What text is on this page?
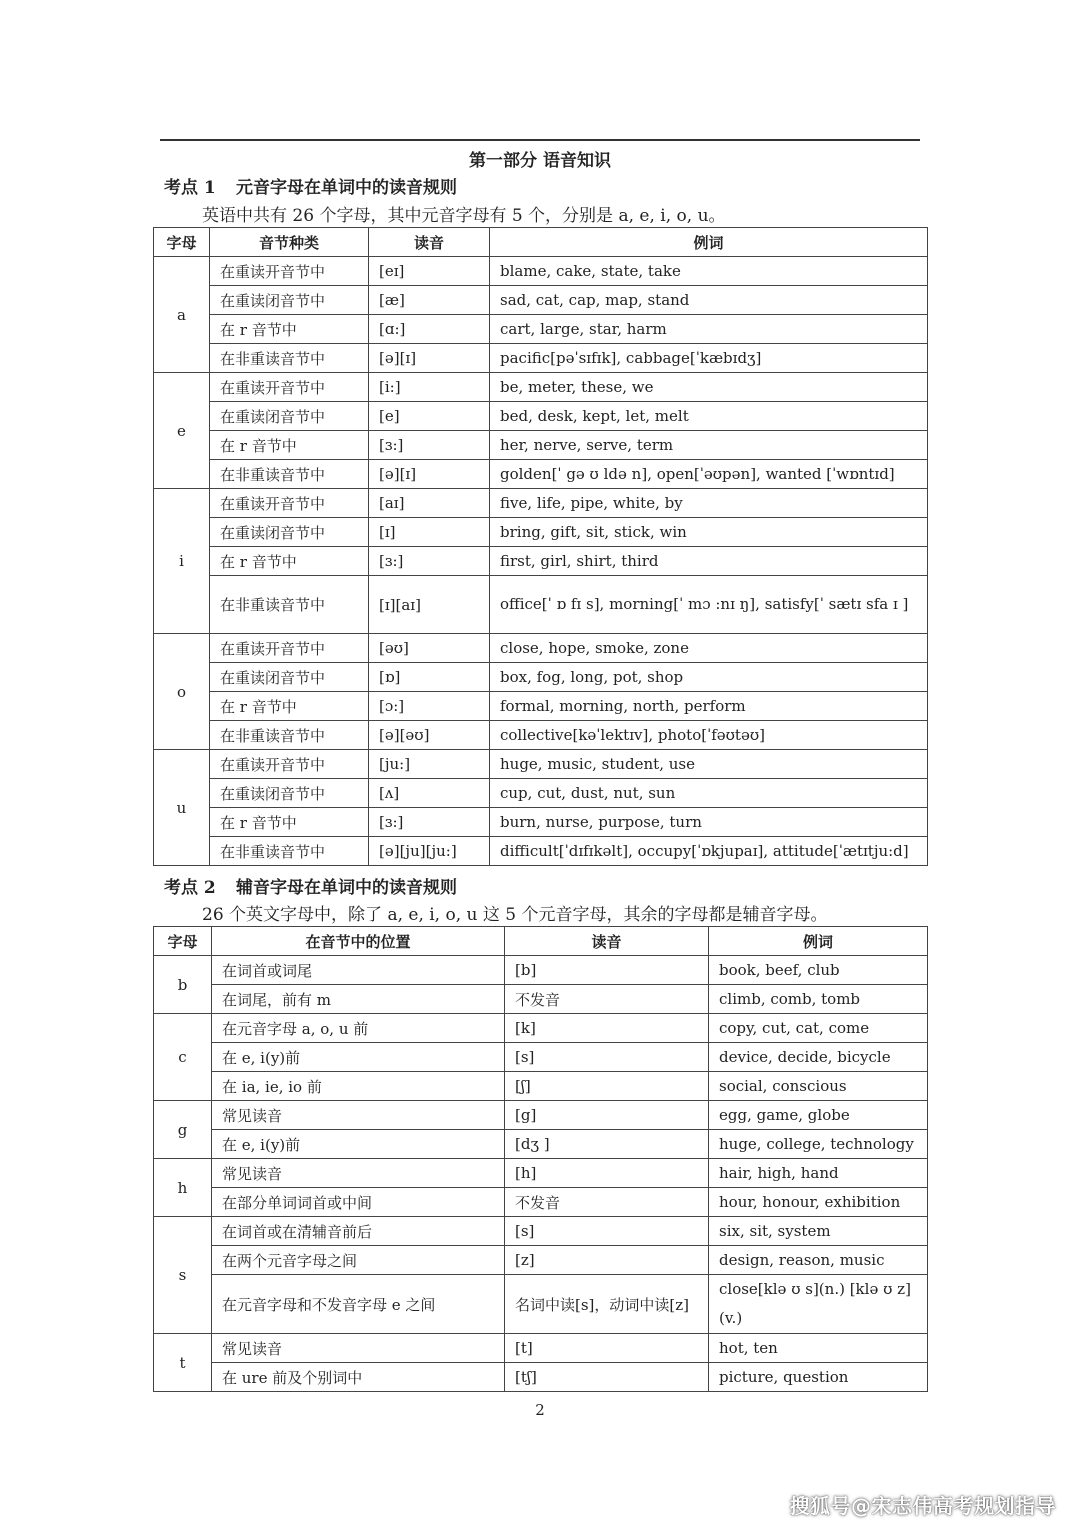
第一部分 语音知识
考点 1 元音字母在单词中的读音规则
英语中共有 26 个字母，其中元音字母有 5 个，分别是 a, e, i, o, u。
字母	音节种类	读音	例词
a	在重读开音节中	[eɪ]	blame, cake, state, take
	在重读闭音节中	[æ]	sad, cat, cap, map, stand
	在 r 音节中	[ɑ:]	cart, large, star, harm
	在非重读音节中	[ə][ɪ]	pacific[pəˈsɪfɪk], cabbage[ˈkæbɪdʒ]
e	在重读开音节中	[i:]	be, meter, these, we
	在重读闭音节中	[e]	bed, desk, kept, let, melt
	在 r 音节中	[ɜ:]	her, nerve, serve, term
	在非重读音节中	[ə][ɪ]	golden[ˈ gə ʊ ldə n], open[ˈəʊpən], wanted [ˈwɒntɪd]
i	在重读开音节中	[aɪ]	five, life, pipe, white, by
	在重读闭音节中	[ɪ]	bring, gift, sit, stick, win
	在 r 音节中	[ɜ:]	first, girl, shirt, third
	在非重读音节中	[ɪ][aɪ]	office[ˈ ɒ fɪ s], morning[ˈ mɔ :nɪ ŋ], satisfy[ˈ sætɪ sfa ɪ ]
o	在重读开音节中	[əʊ]	close, hope, smoke, zone
	在重读闭音节中	[ɒ]	box, fog, long, pot, shop
	在 r 音节中	[ɔ:]	formal, morning, north, perform
	在非重读音节中	[ə][əʊ]	collective[kəˈlektɪv], photo[ˈfəʊtəʊ]
u	在重读开音节中	[ju:]	huge, music, student, use
	在重读闭音节中	[ʌ]	cup, cut, dust, nut, sun
	在 r 音节中	[ɜ:]	burn, nurse, purpose, turn
	在非重读音节中	[ə][ju][ju:]	difficult[ˈdɪfɪkəlt], occupy[ˈɒkjupaɪ], attitude[ˈætɪtju:d]
考点 2 辅音字母在单词中的读音规则
26 个英文字母中，除了 a, e, i, o, u 这 5 个元音字母，其余的字母都是辅音字母。
字母	在音节中的位置	读音	例词
b	在词首或词尾	[b]	book, beef, club
	在词尾，前有 m	不发音	climb, comb, tomb
c	在元音字母 a, o, u 前	[k]	copy, cut, cat, come
	在 e, i(y)前	[s]	device, decide, bicycle
	在 ia, ie, io 前	[ʃ]	social, conscious
g	常见读音	[g]	egg, game, globe
	在 e, i(y)前	[dʒ ]	huge, college, technology
h	常见读音	[h]	hair, high, hand
	在部分单词词首或中间	不发音	hour, honour, exhibition
s	在词首或在清辅音前后	[s]	six, sit, system
	在两个元音字母之间	[z]	design, reason, music
	在元音字母和不发音字母 e 之间	名词中读[s]，动词中读[z]	close[klə ʊ s](n.) [klə ʊ z](v.)
t	常见读音	[t]	hot, ten
	在 ure 前及个别词中	[tʃ]	picture, question
2
搜狐号@宋志伟高考规划指导
